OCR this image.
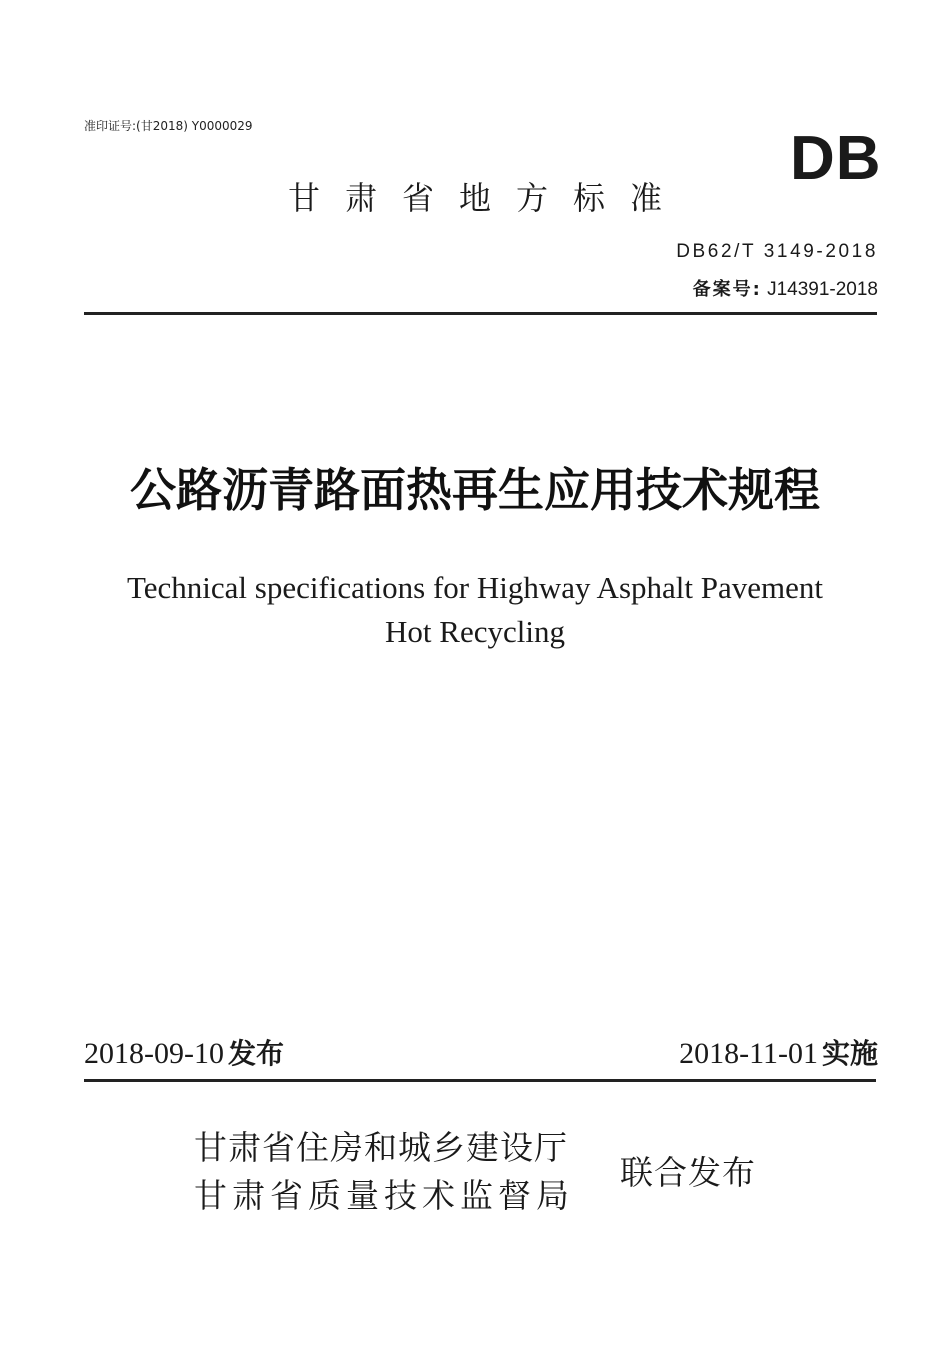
准印证号:(甘2018) Y0000029	DB
甘肃省地方标准
DB62/T 3149-2018
备案号: J14391-2018
公路沥青路面热再生应用技术规程
Technical specifications for Highway Asphalt Pavement
Hot Recycling
2018-09-10 发布	2018-11-01 实施
甘肃省住房和城乡建设厅
甘肃省质量技术监督局
联合发布
